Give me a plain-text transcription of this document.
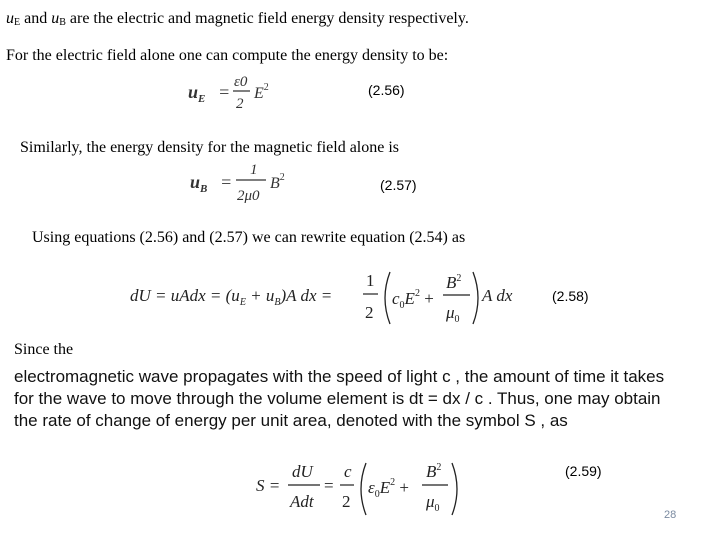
$u_E$ and $u_B$ are the electric and magnetic field energy density respectively.
For the electric field alone one can compute the energy density to be:
$u_E = \varepsilon 0$
2
$E^2$	(2.56)
Similarly, the energy density for the magnetic field alone is
$u_B$ =
1
2μ0
$B^2$	(2.57)
Using equations (2.56) and (2.57) we can rewrite equation (2.54) as
dU = uAdx = $(u_E + u_B)A$ dx =
1
2
$c_0E^2$ +
$B^2$
$\mu_0$
A dx	(2.58)
Since the
electromagnetic wave propagates with the speed of light c , the amount of time it takes
for the wave to move through the volume element is dt = dx / c . Thus, one may obtain
the rate of change of energy per unit area, denoted with the symbol S , as
S =
dU
Adt
=
c
2
$\varepsilon_0E^2$ +
$B^2$
$\mu_0$
(2.59)
28
